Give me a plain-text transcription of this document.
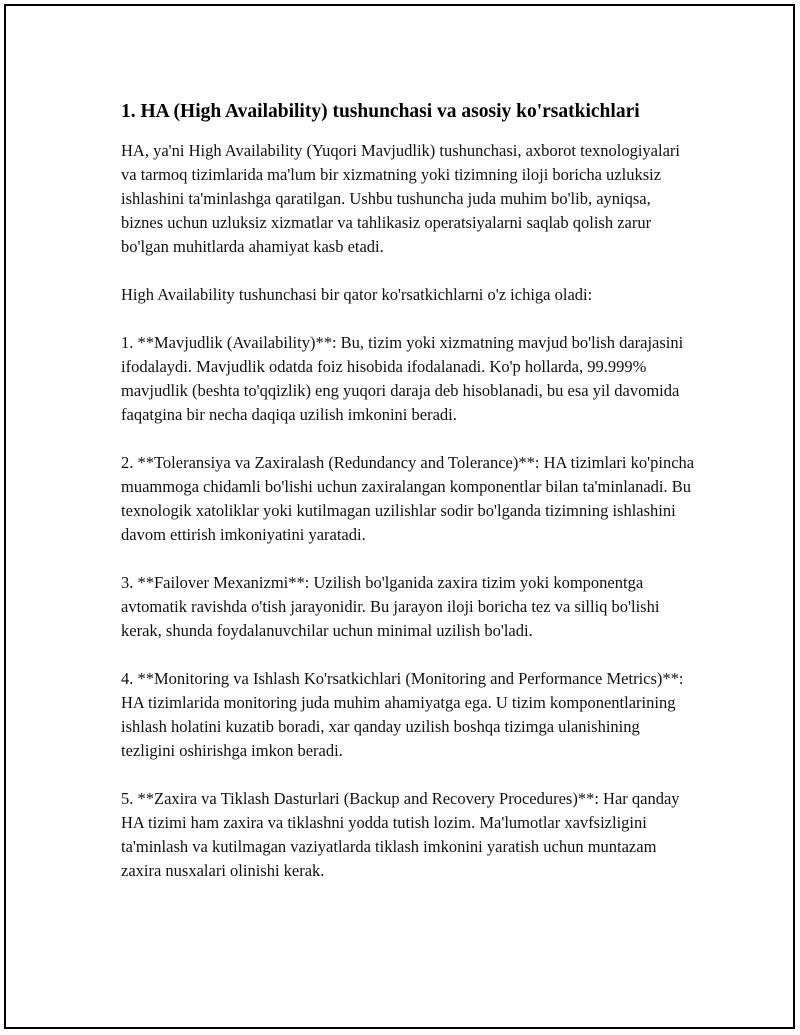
1. HA (High Availability) tushunchasi va asosiy ko'rsatkichlari

HA, ya'ni High Availability (Yuqori Mavjudlik) tushunchasi, axborot texnologiyalari va tarmoq tizimlarida ma'lum bir xizmatning yoki tizimning iloji boricha uzluksiz ishlashini ta'minlashga qaratilgan. Ushbu tushuncha juda muhim bo'lib, ayniqsa, biznes uchun uzluksiz xizmatlar va tahlikasiz operatsiyalarni saqlab qolish zarur bo'lgan muhitlarda ahamiyat kasb etadi.

High Availability tushunchasi bir qator ko'rsatkichlarni o'z ichiga oladi:

1. **Mavjudlik (Availability)**: Bu, tizim yoki xizmatning mavjud bo'lish darajasini ifodalaydi. Mavjudlik odatda foiz hisobida ifodalanadi. Ko'p hollarda, 99.999% mavjudlik (beshta to'qqizlik) eng yuqori daraja deb hisoblanadi, bu esa yil davomida faqatgina bir necha daqiqa uzilish imkonini beradi.

2. **Toleransiya va Zaxiralash (Redundancy and Tolerance)**: HA tizimlari ko'pincha muammoga chidamli bo'lishi uchun zaxiralangan komponentlar bilan ta'minlanadi. Bu texnologik xatoliklar yoki kutilmagan uzilishlar sodir bo'lganda tizimning ishlashini davom ettirish imkoniyatini yaratadi.

3. **Failover Mexanizmi**: Uzilish bo'lganida zaxira tizim yoki komponentga avtomatik ravishda o'tish jarayonidir. Bu jarayon iloji boricha tez va silliq bo'lishi kerak, shunda foydalanuvchilar uchun minimal uzilish bo'ladi.

4. **Monitoring va Ishlash Ko'rsatkichlari (Monitoring and Performance Metrics)**: HA tizimlarida monitoring juda muhim ahamiyatga ega. U tizim komponentlarining ishlash holatini kuzatib boradi, xar qanday uzilish boshqa tizimga ulanishining tezligini oshirishga imkon beradi.

5. **Zaxira va Tiklash Dasturlari (Backup and Recovery Procedures)**: Har qanday HA tizimi ham zaxira va tiklashni yodda tutish lozim. Ma'lumotlar xavfsizligini ta'minlash va kutilmagan vaziyatlarda tiklash imkonini yaratish uchun muntazam zaxira nusxalari olinishi kerak.
